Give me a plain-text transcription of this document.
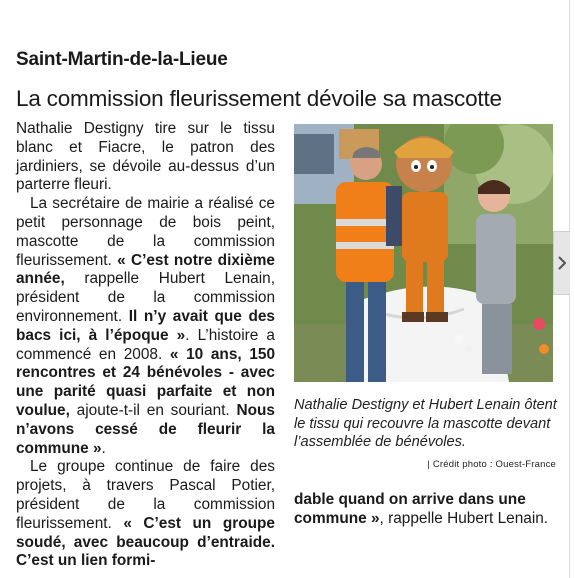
Saint-Martin-de-la-Lieue
La commission fleurissement dévoile sa mascotte

Nathalie Destigny tire sur le tissu blanc et Fiacre, le patron des jardiniers, se dévoile au-dessus d’un parterre fleuri.

La secrétaire de mairie a réalisé ce petit personnage de bois peint, mascotte de la commission fleurissement. « C’est notre dixième année, rappelle Hubert Lenain, président de la commission environnement. Il n’y avait que des bacs ici, à l’époque ». L’histoire a commencé en 2008. « 10 ans, 150 rencontres et 24 bénévoles - avec une parité quasi parfaite et non voulue, ajoute-t-il en souriant. Nous n’avons cessé de fleurir la commune ».

Le groupe continue de faire des projets, à travers Pascal Potier, président de la commission fleurissement. « C’est un groupe soudé, avec beaucoup d’entraide. C’est un lien formi-

Nathalie Destigny et Hubert Lenain ôtent le tissu qui recouvre la mascotte devant l’assemblée de bénévoles.
| Crédit photo : Ouest-France

dable quand on arrive dans une commune », rappelle Hubert Lenain.
